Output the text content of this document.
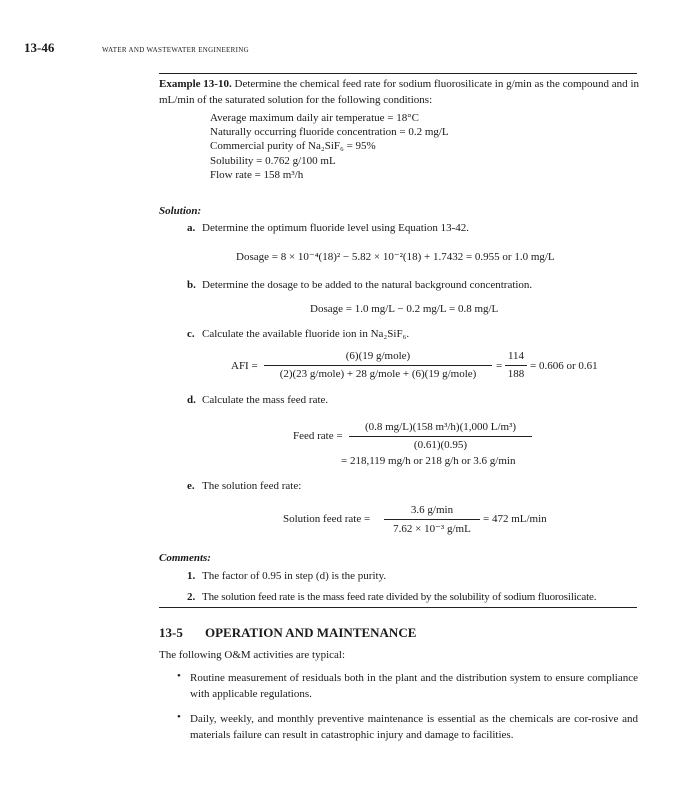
13-46	WATER AND WASTEWATER ENGINEERING
Example 13-10. Determine the chemical feed rate for sodium fluorosilicate in g/min as the compound and in mL/min of the saturated solution for the following conditions:
Average maximum daily air temperatue = 18°C
Naturally occurring fluoride concentration = 0.2 mg/L
Commercial purity of Na₂SiF₆ = 95%
Solubility = 0.762 g/100 mL
Flow rate = 158 m³/h
Solution:
a. Determine the optimum fluoride level using Equation 13-42.
Dosage = 8 × 10⁻⁴(18)² − 5.82 × 10⁻²(18) + 1.7432 = 0.955 or 1.0 mg/L
b. Determine the dosage to be added to the natural background concentration.
Dosage = 1.0 mg/L − 0.2 mg/L = 0.8 mg/L
c. Calculate the available fluoride ion in Na₂SiF₆.
AFI =
(6)(19 g/mole)
(2)(23 g/mole) + 28 g/mole + (6)(19 g/mole)
=
114
188
= 0.606 or 0.61
d. Calculate the mass feed rate.
Feed rate =
(0.8 mg/L)(158 m³/h)(1,000 L/m³)
(0.61)(0.95)
= 218,119 mg/h or 218 g/h or 3.6 g/min
e. The solution feed rate:
Solution feed rate =
3.6 g/min
7.62 × 10⁻³ g/mL
= 472 mL/min
Comments:
1. The factor of 0.95 in step (d) is the purity.
2. The solution feed rate is the mass feed rate divided by the solubility of sodium fluorosilicate.
13-5 OPERATION AND MAINTENANCE
The following O&M activities are typical:
• Routine measurement of residuals both in the plant and the distribution system to ensure compliance with applicable regulations.
• Daily, weekly, and monthly preventive maintenance is essential as the chemicals are cor-rosive and materials failure can result in catastrophic injury and damage to facilities.
